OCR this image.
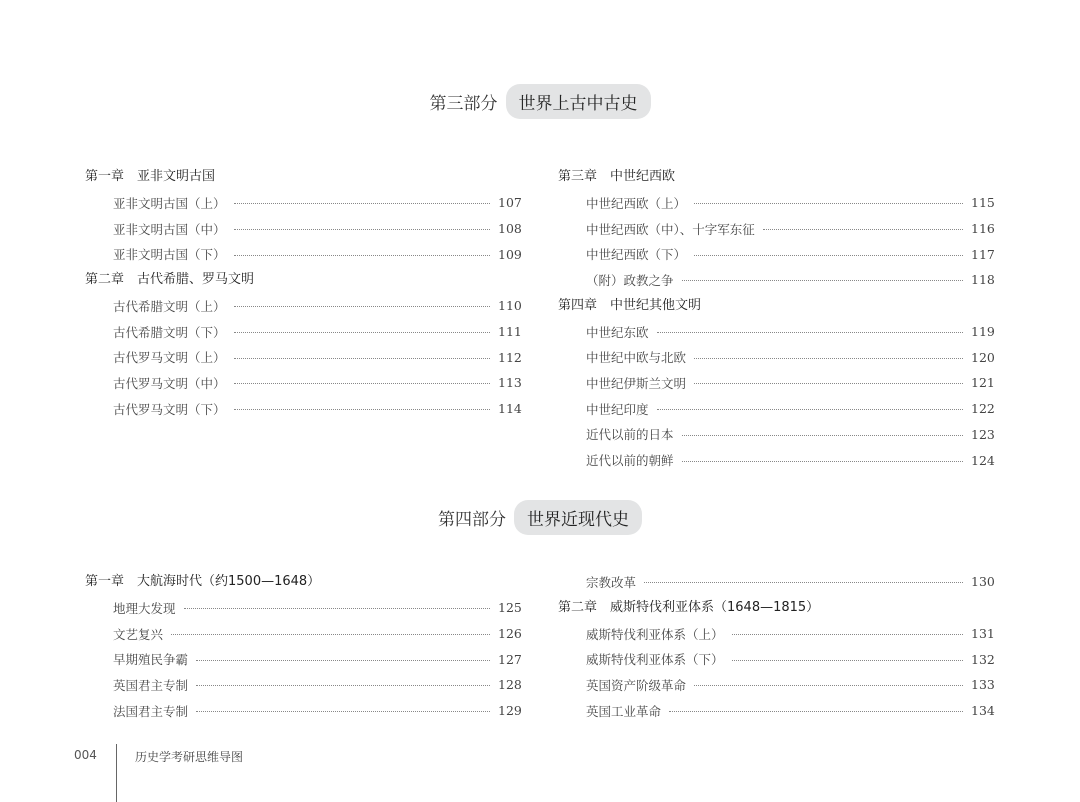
第三部分	世界上古中古史
第一章 亚非文明古国
亚非文明古国（上）	107
亚非文明古国（中）	108
亚非文明古国（下）	109
第二章 古代希腊、罗马文明
古代希腊文明（上）	110
古代希腊文明（下）	111
古代罗马文明（上）	112
古代罗马文明（中）	113
古代罗马文明（下）	114
第三章 中世纪西欧
中世纪西欧（上）	115
中世纪西欧（中）、十字军东征	116
中世纪西欧（下）	117
（附）政教之争	118
第四章 中世纪其他文明
中世纪东欧	119
中世纪中欧与北欧	120
中世纪伊斯兰文明	121
中世纪印度	122
近代以前的日本	123
近代以前的朝鲜	124
第四部分	世界近现代史
第一章 大航海时代（约1500—1648）
地理大发现	125
文艺复兴	126
早期殖民争霸	127
英国君主专制	128
法国君主专制	129
宗教改革	130
第二章 威斯特伐利亚体系（1648—1815）
威斯特伐利亚体系（上）	131
威斯特伐利亚体系（下）	132
英国资产阶级革命	133
英国工业革命	134
004	历史学考研思维导图
